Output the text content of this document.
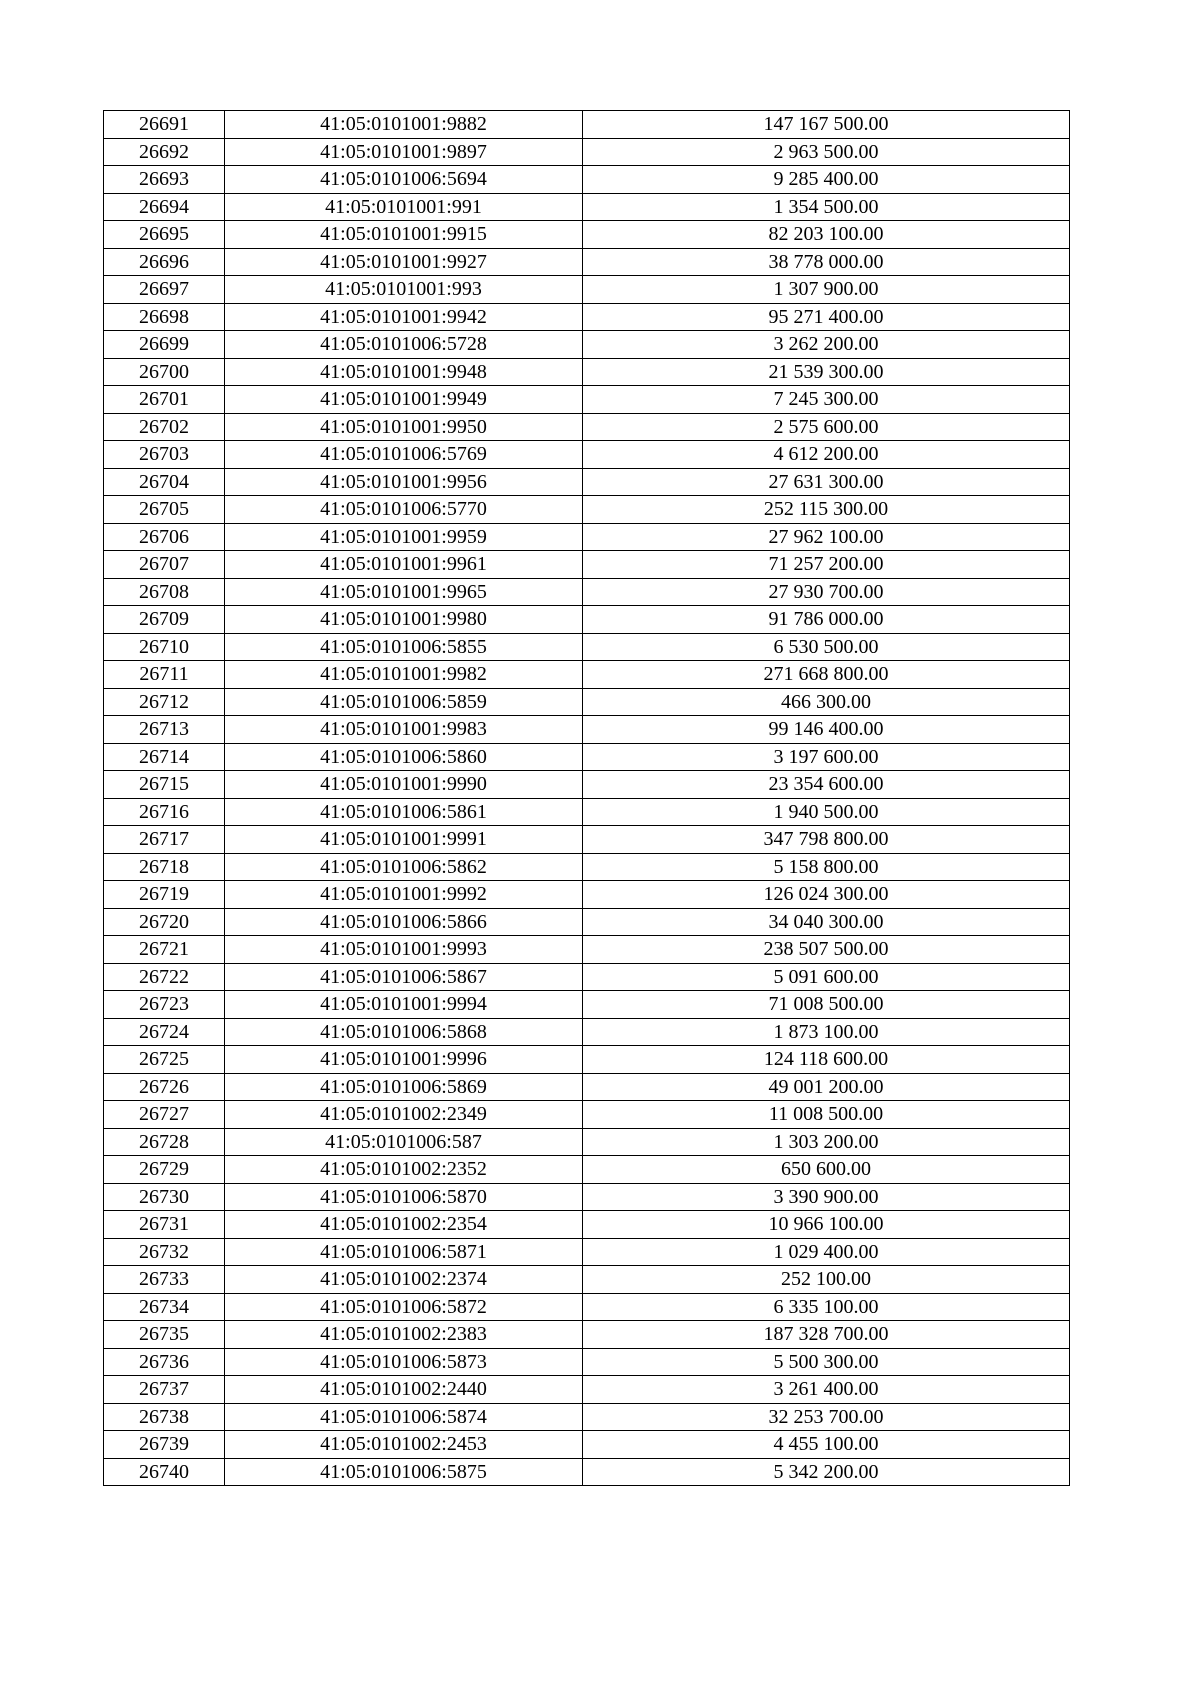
26691	41:05:0101001:9882	147 167 500.00
26692	41:05:0101001:9897	2 963 500.00
26693	41:05:0101006:5694	9 285 400.00
26694	41:05:0101001:991	1 354 500.00
26695	41:05:0101001:9915	82 203 100.00
26696	41:05:0101001:9927	38 778 000.00
26697	41:05:0101001:993	1 307 900.00
26698	41:05:0101001:9942	95 271 400.00
26699	41:05:0101006:5728	3 262 200.00
26700	41:05:0101001:9948	21 539 300.00
26701	41:05:0101001:9949	7 245 300.00
26702	41:05:0101001:9950	2 575 600.00
26703	41:05:0101006:5769	4 612 200.00
26704	41:05:0101001:9956	27 631 300.00
26705	41:05:0101006:5770	252 115 300.00
26706	41:05:0101001:9959	27 962 100.00
26707	41:05:0101001:9961	71 257 200.00
26708	41:05:0101001:9965	27 930 700.00
26709	41:05:0101001:9980	91 786 000.00
26710	41:05:0101006:5855	6 530 500.00
26711	41:05:0101001:9982	271 668 800.00
26712	41:05:0101006:5859	466 300.00
26713	41:05:0101001:9983	99 146 400.00
26714	41:05:0101006:5860	3 197 600.00
26715	41:05:0101001:9990	23 354 600.00
26716	41:05:0101006:5861	1 940 500.00
26717	41:05:0101001:9991	347 798 800.00
26718	41:05:0101006:5862	5 158 800.00
26719	41:05:0101001:9992	126 024 300.00
26720	41:05:0101006:5866	34 040 300.00
26721	41:05:0101001:9993	238 507 500.00
26722	41:05:0101006:5867	5 091 600.00
26723	41:05:0101001:9994	71 008 500.00
26724	41:05:0101006:5868	1 873 100.00
26725	41:05:0101001:9996	124 118 600.00
26726	41:05:0101006:5869	49 001 200.00
26727	41:05:0101002:2349	11 008 500.00
26728	41:05:0101006:587	1 303 200.00
26729	41:05:0101002:2352	650 600.00
26730	41:05:0101006:5870	3 390 900.00
26731	41:05:0101002:2354	10 966 100.00
26732	41:05:0101006:5871	1 029 400.00
26733	41:05:0101002:2374	252 100.00
26734	41:05:0101006:5872	6 335 100.00
26735	41:05:0101002:2383	187 328 700.00
26736	41:05:0101006:5873	5 500 300.00
26737	41:05:0101002:2440	3 261 400.00
26738	41:05:0101006:5874	32 253 700.00
26739	41:05:0101002:2453	4 455 100.00
26740	41:05:0101006:5875	5 342 200.00
